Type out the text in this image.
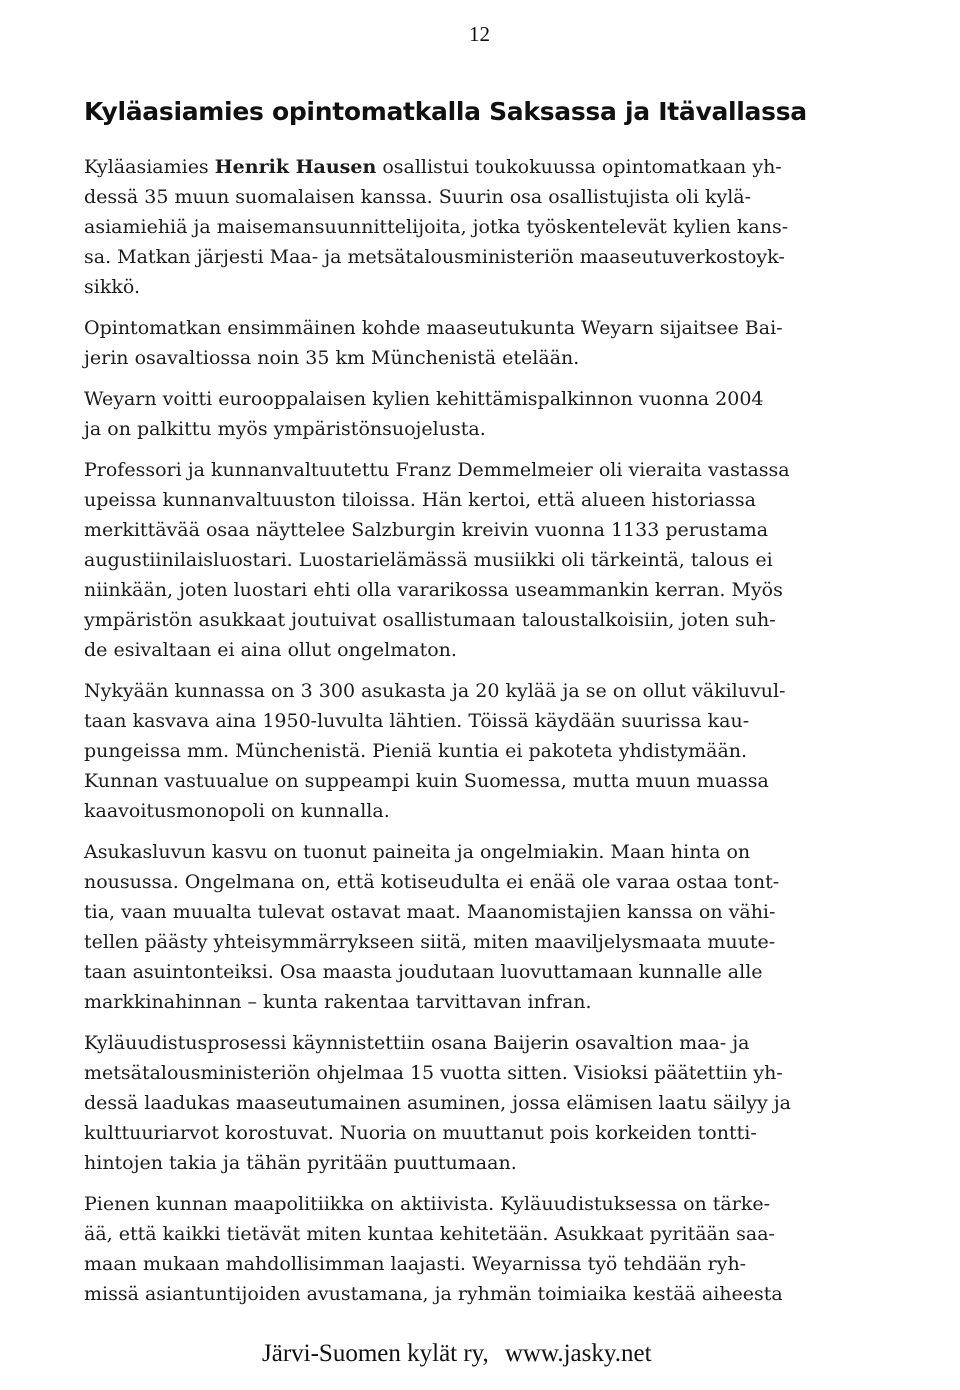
12
Kyläasiamies opintomatkalla Saksassa ja Itävallassa

Kyläasiamies Henrik Hausen osallistui toukokuussa opintomatkaan yh-
dessä 35 muun suomalaisen kanssa. Suurin osa osallistujista oli kylä-
asiamiehiä ja maisemansuunnittelijoita, jotka työskentelevät kylien kans-
sa. Matkan järjesti Maa- ja metsätalousministeriön maaseutuverkostoyk-
sikkö.

Opintomatkan ensimmäinen kohde maaseutukunta Weyarn sijaitsee Bai-
jerin osavaltiossa noin 35 km Münchenistä etelään.

Weyarn voitti eurooppalaisen kylien kehittämispalkinnon vuonna 2004
ja on palkittu myös ympäristönsuojelusta.

Professori ja kunnanvaltuutettu Franz Demmelmeier oli vieraita vastassa
upeissa kunnanvaltuuston tiloissa. Hän kertoi, että alueen historiassa
merkittävää osaa näyttelee Salzburgin kreivin vuonna 1133 perustama
augustiinilaisluostari. Luostarielämässä musiikki oli tärkeintä, talous ei
niinkään, joten luostari ehti olla vararikossa useammankin kerran. Myös
ympäristön asukkaat joutuivat osallistumaan taloustalkoisiin, joten suh-
de esivaltaan ei aina ollut ongelmaton.

Nykyään kunnassa on 3 300 asukasta ja 20 kylää ja se on ollut väkiluvul-
taan kasvava aina 1950-luvulta lähtien. Töissä käydään suurissa kau-
pungeissa mm. Münchenistä. Pieniä kuntia ei pakoteta yhdistymään.
Kunnan vastuualue on suppeampi kuin Suomessa, mutta muun muassa
kaavoitusmonopoli on kunnalla.

Asukasluvun kasvu on tuonut paineita ja ongelmiakin. Maan hinta on
nousussa. Ongelmana on, että kotiseudulta ei enää ole varaa ostaa tont-
tia, vaan muualta tulevat ostavat maat. Maanomistajien kanssa on vähi-
tellen päästy yhteisymmärrykseen siitä, miten maaviljelysmaata muute-
taan asuintonteiksi. Osa maasta joudutaan luovuttamaan kunnalle alle
markkinahinnan – kunta rakentaa tarvittavan infran.

Kyläuudistusprosessi käynnistettiin osana Baijerin osavaltion maa- ja
metsätalousministeriön ohjelmaa 15 vuotta sitten. Visioksi päätettiin yh-
dessä laadukas maaseutumainen asuminen, jossa elämisen laatu säilyy ja
kulttuuriarvot korostuvat. Nuoria on muuttanut pois korkeiden tontti-
hintojen takia ja tähän pyritään puuttumaan.

Pienen kunnan maapolitiikka on aktiivista. Kyläuudistuksessa on tärke-
ää, että kaikki tietävät miten kuntaa kehitetään. Asukkaat pyritään saa-
maan mukaan mahdollisimman laajasti. Weyarnissa työ tehdään ryh-
missä asiantuntijoiden avustamana, ja ryhmän toimiaika kestää aiheesta

Järvi-Suomen kylät ry, www.jasky.net
